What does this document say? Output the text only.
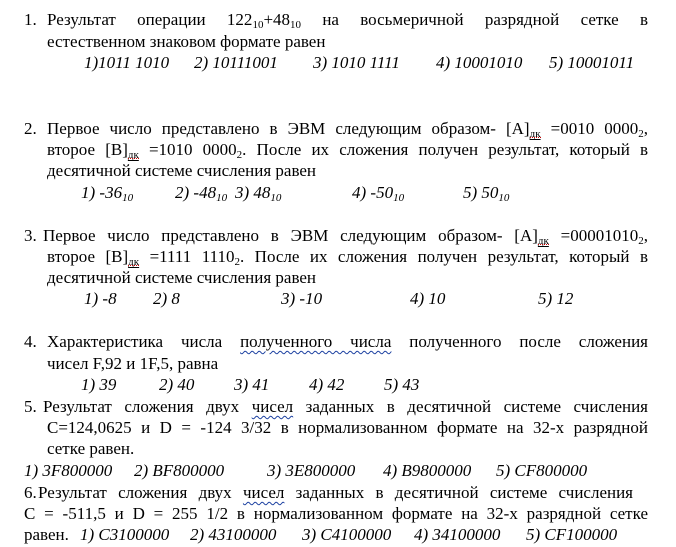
1. Результат операции $122_{10}+48_{10}$ на восьмеричной разрядной сетке в
естественном знаковом формате равен
1)1011 1010 2) 10111001 3) 1010 1111 4) 10001010 5) 10001011
2. Первое число представлено в ЭВМ следующим образом- $[A]_{дк}$
=0010 $0000_2$,
второе $[B]_{дк}$
=1010 $0000_2$. После их сложения получен результат, который в
десятичной системе счисления равен
1) $-36_{10}$ 2) $-48_{10}$ 3) $48_{10}$	4) $-50_{10}$	5) $50_{10}$
3. Первое число представлено в ЭВМ следующим образом- $[A]_{дк}$
$=00001010_2$,
второе $[B]_{дк}$
=1111 $1110_2$. После их сложения получен результат, который в
десятичной системе счисления равен
1) -8 2) 8	3) -10	4) 10	5) 12
4. Характеристика числа полученного числа полученного после сложения
чисел F,92 и 1F,5, равна
1) 39	2) 40 3) 41 4) 42 5) 43
5. Результат сложения двух чисел заданных в десятичной системе счисления
C=124,0625 и D = -124 3/32 в нормализованном формате на 32-х разрядной
сетке равен.
1) 3F800000 2) BF800000	3) 3E800000 4) B9800000 5) CF800000
6. Результат сложения двух чисел заданных в десятичной системе счисления
C = -511,5 и D = 255 1/2 в нормализованном формате на 32-х разрядной сетке
равен. 1) C3100000 2) 43100000 3) C4100000 4) 34100000 5) CF100000
